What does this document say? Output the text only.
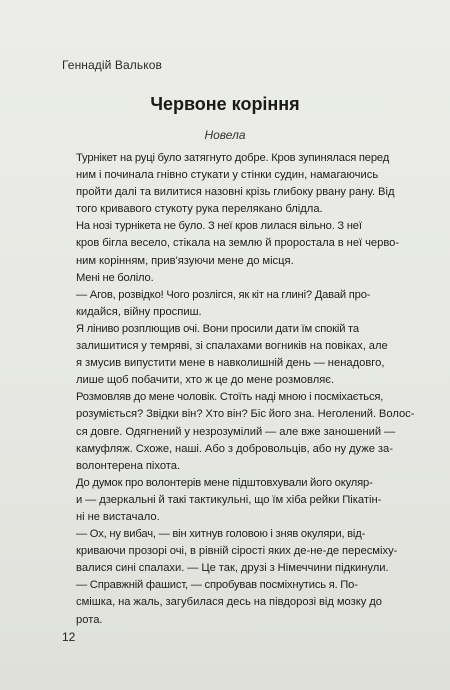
Геннадій Вальков
Червоне коріння
Новела

Турнікет на руці було затягнуто добре. Кров зупинялася перед
ним і починала гнівно стукати у стінки судин, намагаючись
пройти далі та вилитися назовні крізь глибоку рвану рану. Від
того кривавого стукоту рука перелякано блідла.

На нозі турнікета не було. З неї кров лилася вільно. З неї
кров бігла весело, стікала на землю й проростала в неї черво-
ним корінням, прив'язуючи мене до місця.

Мені не боліло.

— Агов, розвідко! Чого розлігся, як кіт на глині? Давай про-
кидайся, війну проспиш.

Я ліниво розплющив очі. Вони просили дати їм спокій та
залишитися у темряві, зі спалахами вогників на повіках, але
я змусив випустити мене в навколишній день — ненадовго,
лише щоб побачити, хто ж це до мене розмовляє.

Розмовляв до мене чоловік. Стоїть наді мною і посміхається,
розуміється? Звідки він? Хто він? Біс його зна. Неголений. Волос-
ся довге. Одягнений у незрозумілий — але вже заношений —
камуфляж. Схоже, наші. Або з добровольців, або ну дуже за-
волонтерена піхота.

До думок про волонтерів мене підштовхували його окуляр-
и — дзеркальні й такі тактикульні, що їм хіба рейки Пікатін-
ні не вистачало.

— Ох, ну вибач, — він хитнув головою і зняв окуляри, від-
криваючи прозорі очі, в рівній сірості яких де-не-де пересміху-
валися сині спалахи. — Це так, друзі з Німеччини підкинули.

— Справжній фашист, — спробував посміхнутись я. По-
смішка, на жаль, загубилася десь на півдорозі від мозку до
рота.

12
